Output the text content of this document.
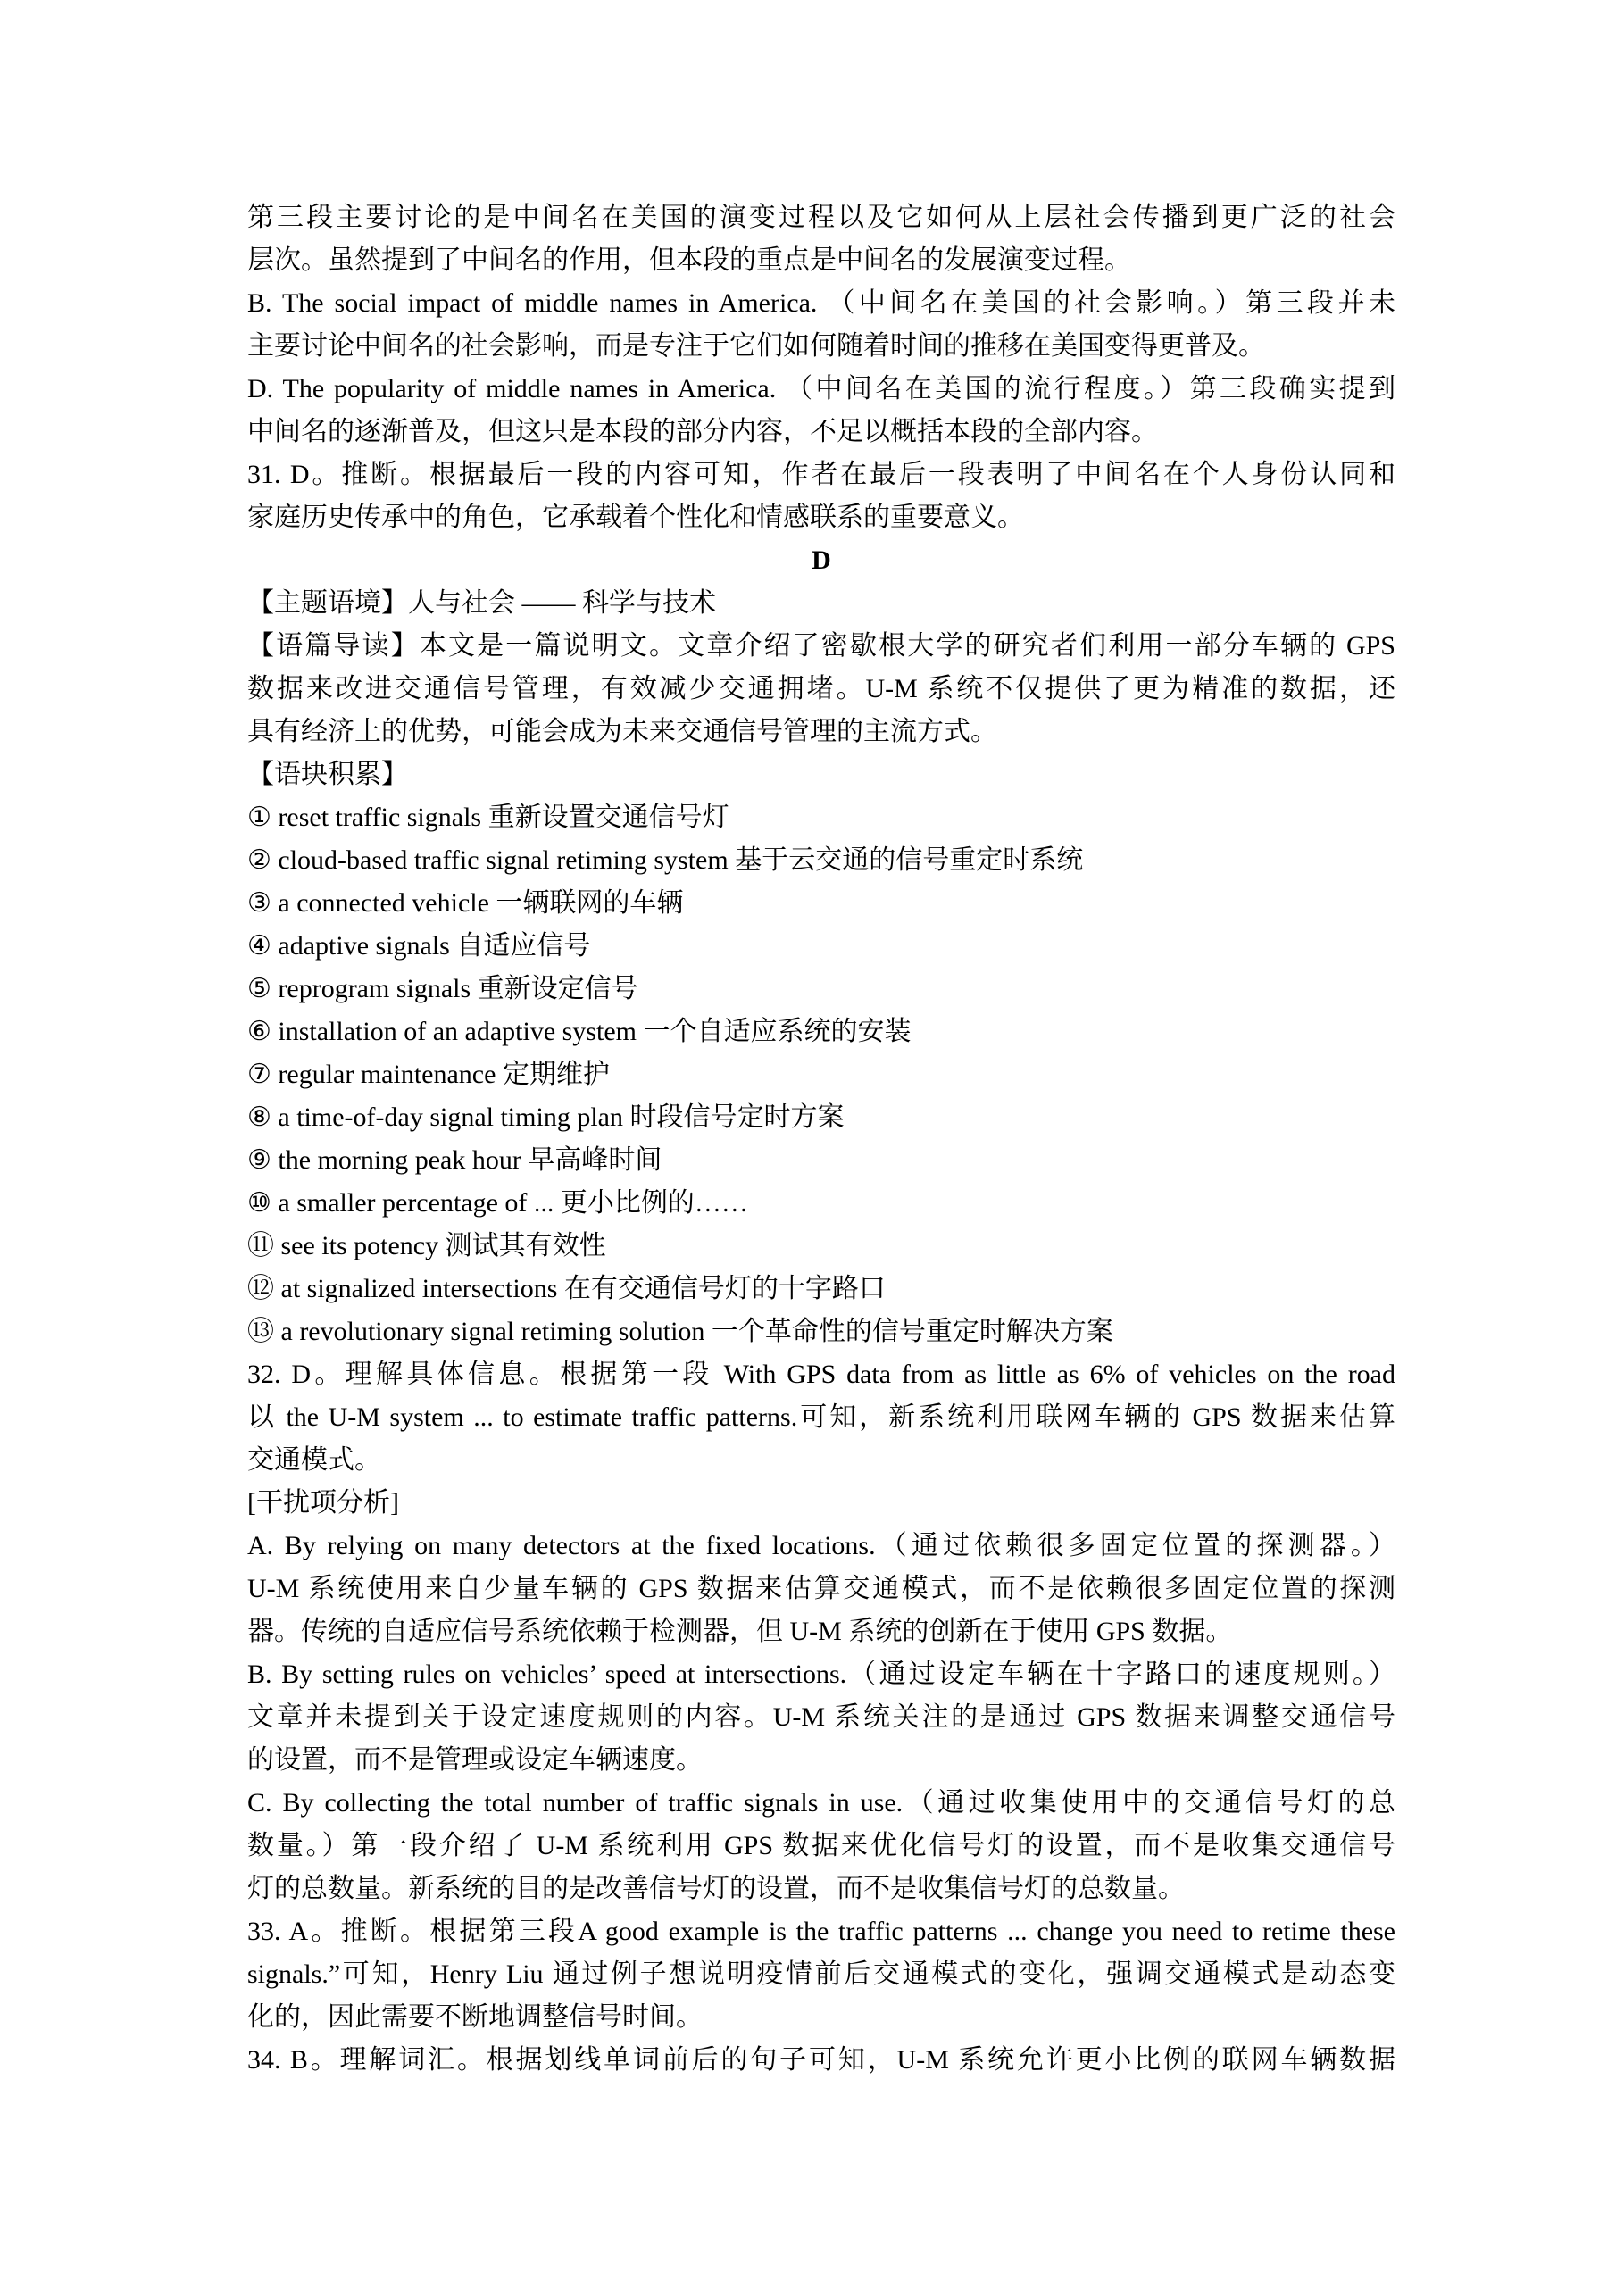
第三段主要讨论的是中间名在美国的演变过程以及它如何从上层社会传播到更广泛的社会
层次。虽然提到了中间名的作用，但本段的重点是中间名的发展演变过程。
B. The social impact of middle names in America. （中间名在美国的社会影响。）第三段并未
主要讨论中间名的社会影响，而是专注于它们如何随着时间的推移在美国变得更普及。
D. The popularity of middle names in America. （中间名在美国的流行程度。）第三段确实提到
中间名的逐渐普及，但这只是本段的部分内容，不足以概括本段的全部内容。
31. D。推断。根据最后一段的内容可知，作者在最后一段表明了中间名在个人身份认同和
家庭历史传承中的角色，它承载着个性化和情感联系的重要意义。
D
【主题语境】人与社会 —— 科学与技术
【语篇导读】本文是一篇说明文。文章介绍了密歇根大学的研究者们利用一部分车辆的 GPS
数据来改进交通信号管理，有效减少交通拥堵。U-M 系统不仅提供了更为精准的数据，还
具有经济上的优势，可能会成为未来交通信号管理的主流方式。
【语块积累】
① reset traffic signals 重新设置交通信号灯
② cloud-based traffic signal retiming system 基于云交通的信号重定时系统
③ a connected vehicle 一辆联网的车辆
④ adaptive signals 自适应信号
⑤ reprogram signals 重新设定信号
⑥ installation of an adaptive system 一个自适应系统的安装
⑦ regular maintenance 定期维护
⑧ a time-of-day signal timing plan 时段信号定时方案
⑨ the morning peak hour 早高峰时间
⑩ a smaller percentage of ... 更小比例的……
⑪ see its potency 测试其有效性
⑫ at signalized intersections 在有交通信号灯的十字路口
⑬ a revolutionary signal retiming solution 一个革命性的信号重定时解决方案
32. D。理解具体信息。根据第一段 With GPS data from as little as 6% of vehicles on the road
以 the U-M system ... to estimate traffic patterns.可知，新系统利用联网车辆的 GPS 数据来估算
交通模式。
[干扰项分析]
A. By relying on many detectors at the fixed locations.（通过依赖很多固定位置的探测器。）
U-M 系统使用来自少量车辆的 GPS 数据来估算交通模式，而不是依赖很多固定位置的探测
器。传统的自适应信号系统依赖于检测器，但 U-M 系统的创新在于使用 GPS 数据。
B. By setting rules on vehicles’ speed at intersections.（通过设定车辆在十字路口的速度规则。）
文章并未提到关于设定速度规则的内容。U-M 系统关注的是通过 GPS 数据来调整交通信号
的设置，而不是管理或设定车辆速度。
C. By collecting the total number of traffic signals in use.（通过收集使用中的交通信号灯的总
数量。）第一段介绍了 U-M 系统利用 GPS 数据来优化信号灯的设置，而不是收集交通信号
灯的总数量。新系统的目的是改善信号灯的设置，而不是收集信号灯的总数量。
33. A。推断。根据第三段A good example is the traffic patterns ... change you need to retime these
signals.”可知，Henry Liu 通过例子想说明疫情前后交通模式的变化，强调交通模式是动态变
化的，因此需要不断地调整信号时间。
34. B。理解词汇。根据划线单词前后的句子可知，U-M 系统允许更小比例的联网车辆数据
